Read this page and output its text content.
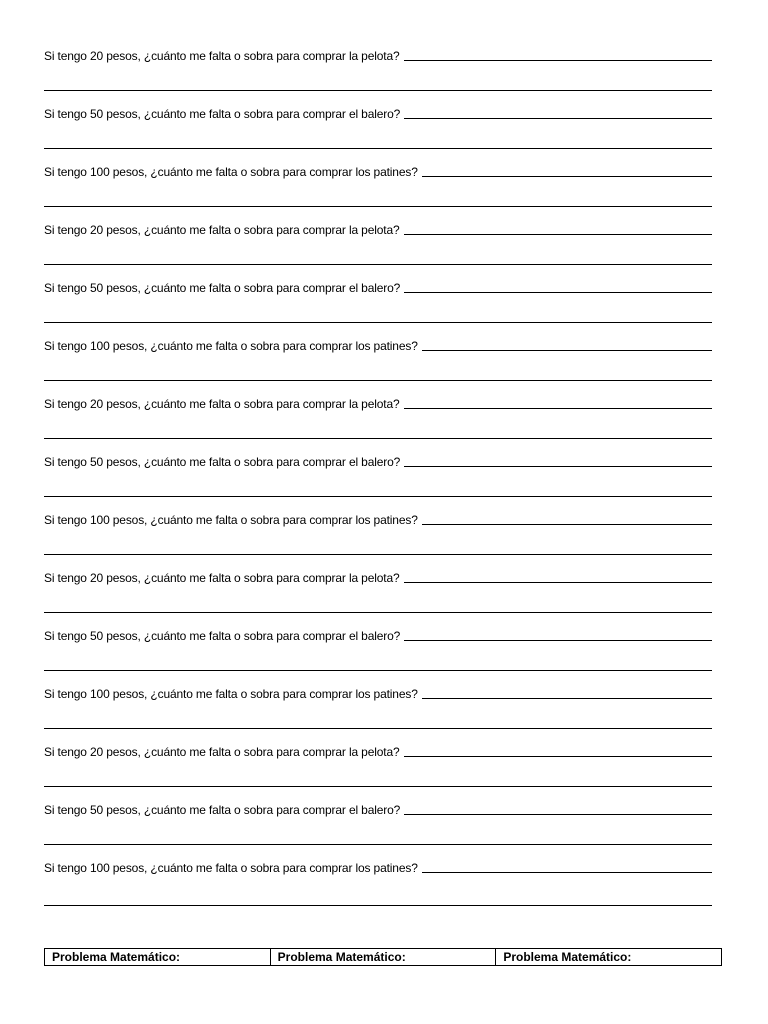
Si tengo 20 pesos, ¿cuánto me falta o sobra para comprar la pelota?
Si tengo 50 pesos, ¿cuánto me falta o sobra para comprar el balero?
Si tengo 100 pesos, ¿cuánto me falta o sobra para comprar los patines?
Si tengo 20 pesos, ¿cuánto me falta o sobra para comprar la pelota?
Si tengo 50 pesos, ¿cuánto me falta o sobra para comprar el balero?
Si tengo 100 pesos, ¿cuánto me falta o sobra para comprar los patines?
Si tengo 20 pesos, ¿cuánto me falta o sobra para comprar la pelota?
Si tengo 50 pesos, ¿cuánto me falta o sobra para comprar el balero?
Si tengo 100 pesos, ¿cuánto me falta o sobra para comprar los patines?
Si tengo 20 pesos, ¿cuánto me falta o sobra para comprar la pelota?
Si tengo 50 pesos, ¿cuánto me falta o sobra para comprar el balero?
Si tengo 100 pesos, ¿cuánto me falta o sobra para comprar los patines?
Si tengo 20 pesos, ¿cuánto me falta o sobra para comprar la pelota?
Si tengo 50 pesos, ¿cuánto me falta o sobra para comprar el balero?
Si tengo 100 pesos, ¿cuánto me falta o sobra para comprar los patines?
Problema Matemático:	Problema Matemático:	Problema Matemático:
